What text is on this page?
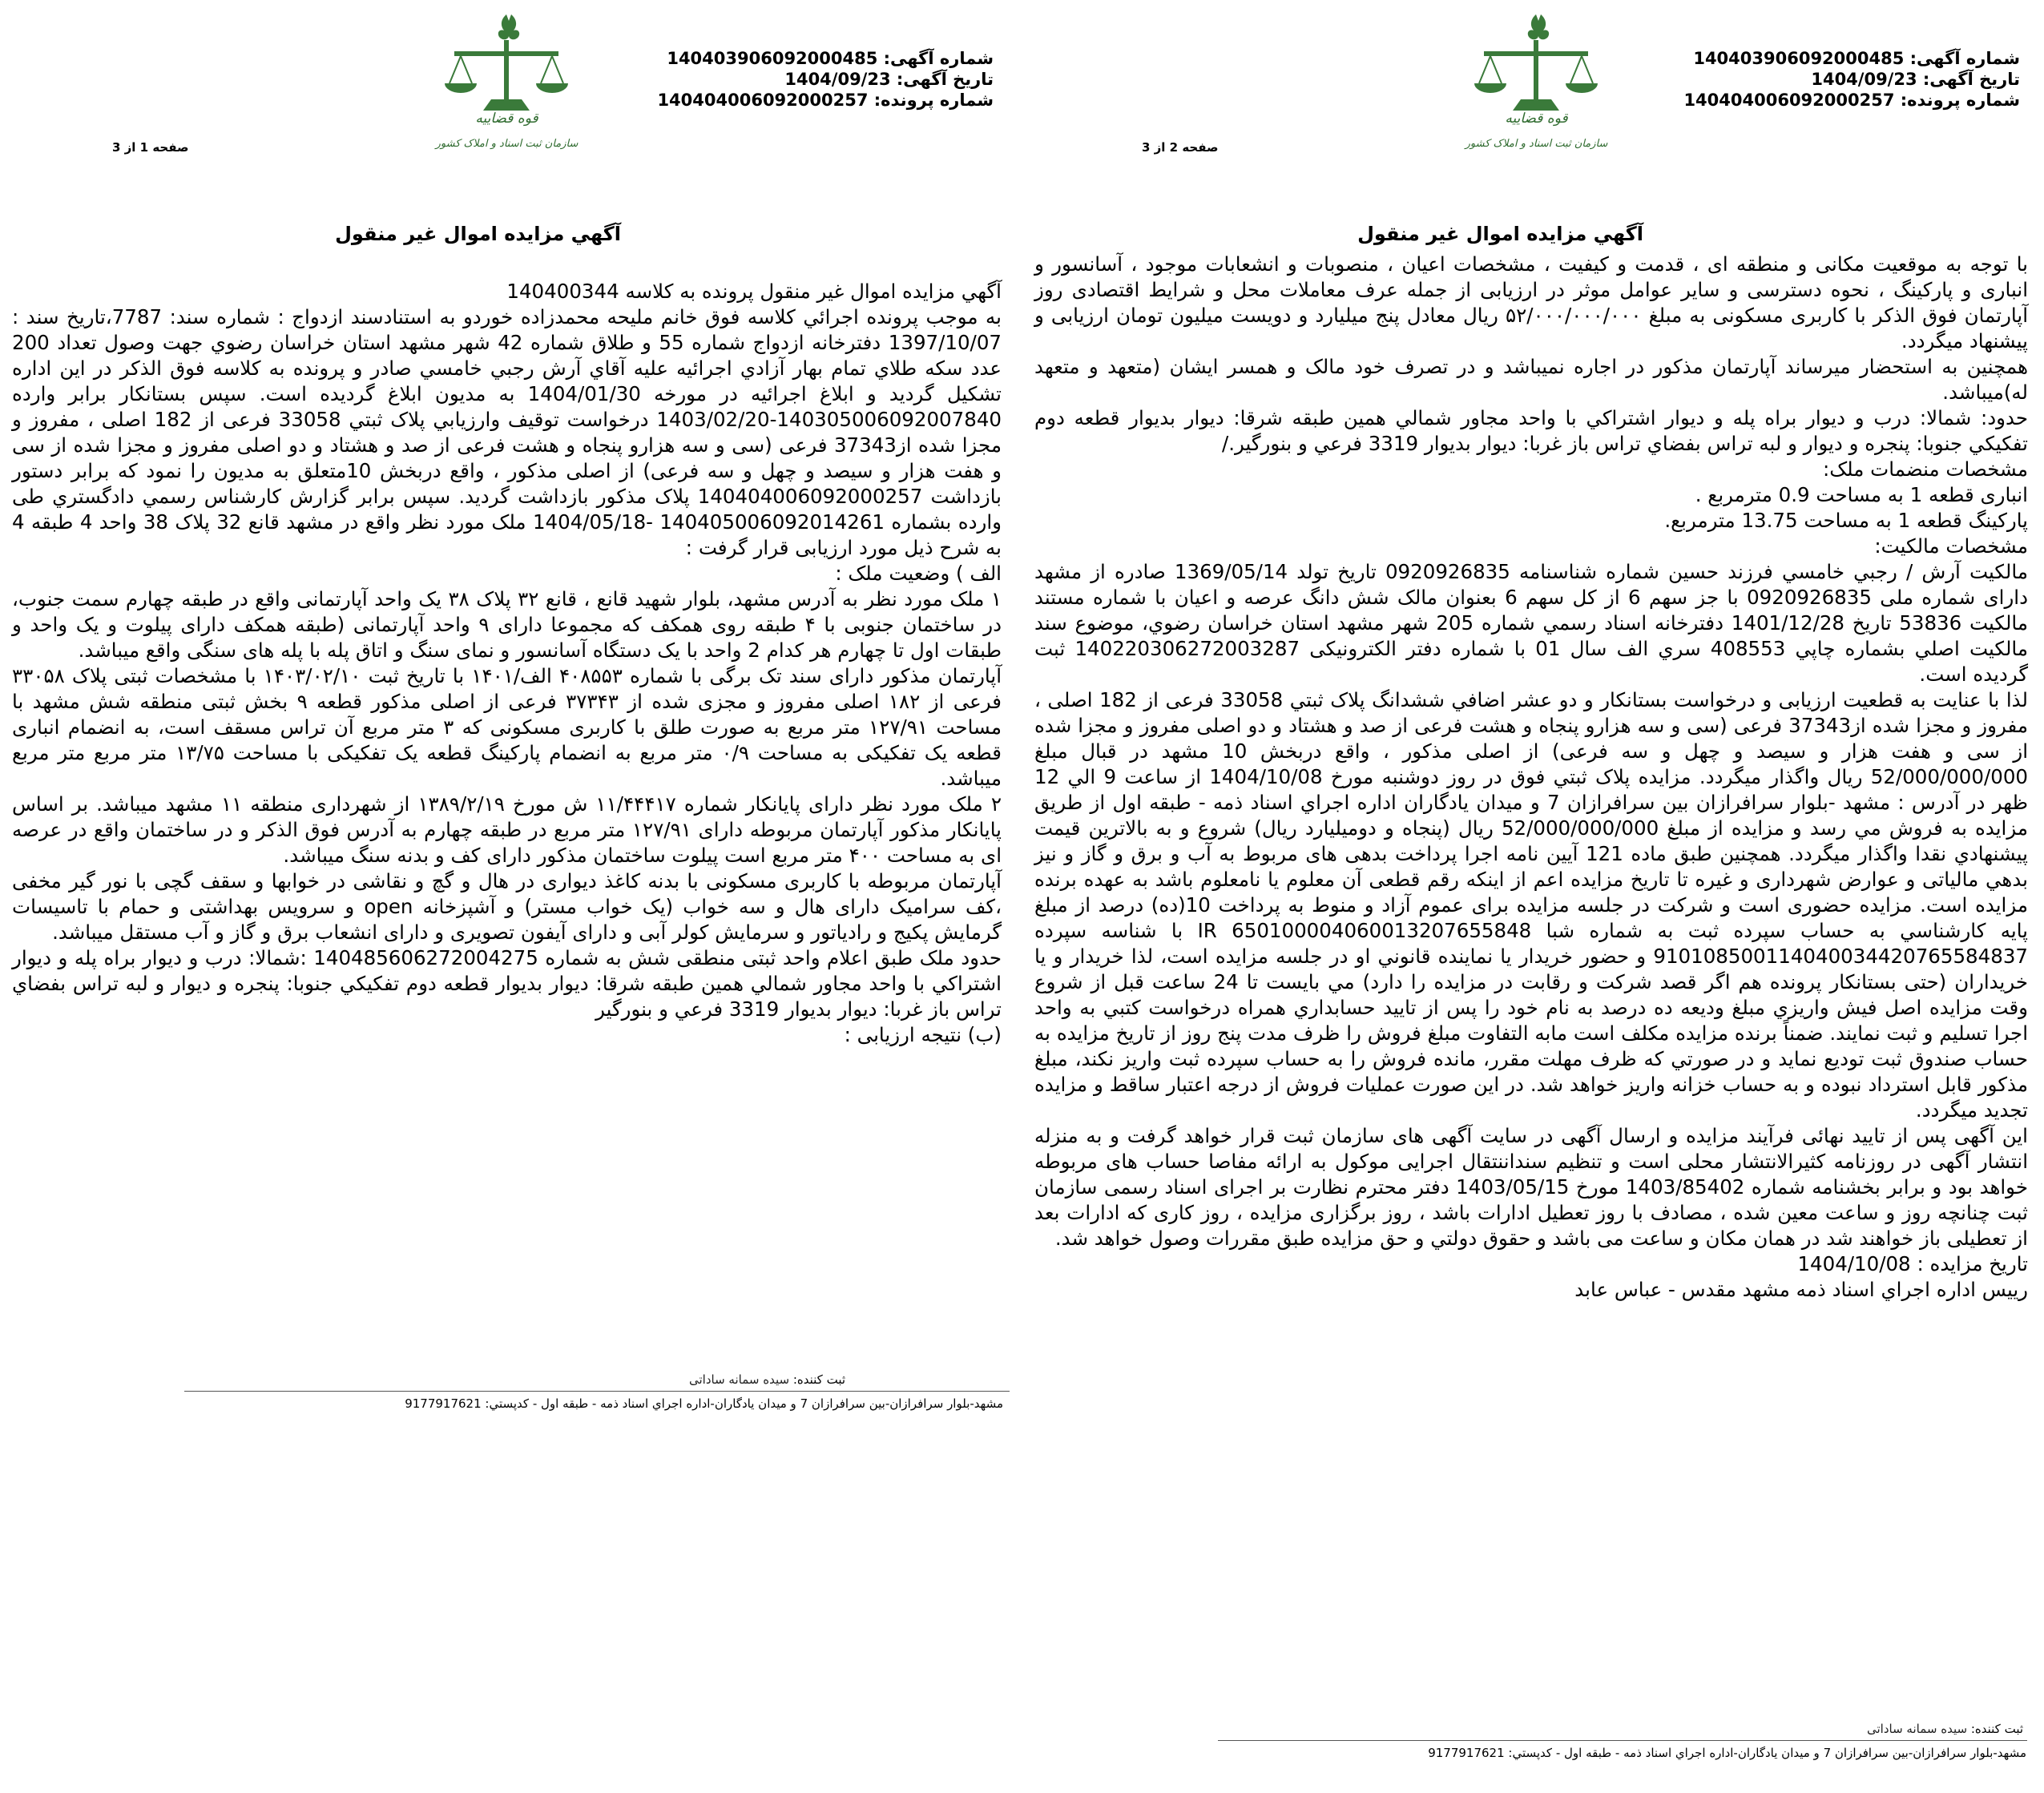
شماره آگهی: 140403906092000485
تاریخ آگهی: 1404/09/23
شماره پرونده: 140404006092000257
صفحه 1 از 3
قوه قضاییه
سازمان ثبت اسناد و املاک کشور
آگهي مزايده اموال غير منقول

آگهي مزايده اموال غير منقول پرونده به كلاسه 140400344

به موجب پرونده اجرائي كلاسه فوق خانم مليحه محمدزاده خوردو به استنادسند ازدواج : شماره سند: 7787،تاريخ سند : 1397/10/07 دفترخانه ازدواج شماره 55 و طلاق شماره 42 شهر مشهد استان خراسان رضوي جهت وصول تعداد 200 عدد سكه طلاي تمام بهار آزادي اجرائيه عليه آقاي آرش رجبي خامسي صادر و پرونده به كلاسه فوق الذكر در اين اداره تشكيل گرديد و ابلاغ اجرائيه در مورخه 1404/01/30 به مديون ابلاغ گرديده است. سپس بستانكار برابر وارده 140305006092007840-1403/02/20 درخواست توقيف وارزيابي پلاک ثبتي 33058 فرعی از 182 اصلی ، مفروز و مجزا شده از37343 فرعی (سی و سه هزارو پنجاه و هشت فرعی از صد و هشتاد و دو اصلی مفروز و مجزا شده از سی و هفت هزار و سیصد و چهل و سه فرعی) از اصلی مذکور ، واقع دربخش 10متعلق به مديون را نمود كه برابر دستور بازداشت 140404006092000257 پلاک مذكور بازداشت گرديد. سپس برابر گزارش كارشناس رسمي دادگستري طی وارده بشماره 140405006092014261 -1404/05/18 ملک مورد نظر واقع در مشهد قانع 32 پلاک 38 واحد 4 طبقه 4 به شرح ذيل مورد ارزيابی قرار گرفت :

الف ) وضعيت ملک :

۱ ملک مورد نظر به آدرس مشهد، بلوار شهید قانع ، قانع ۳۲ پلاک ۳۸ یک واحد آپارتمانی واقع در طبقه چهارم سمت جنوب، در ساختمان جنوبی با ۴ طبقه روی همکف که مجموعا دارای ۹ واحد آپارتمانی (طبقه همکف دارای پیلوت و یک واحد و طبقات اول تا چهارم هر کدام 2 واحد با یک دستگاه آسانسور و نمای سنگ و اتاق پله با پله های سنگی واقع میباشد.

آپارتمان مذکور دارای سند تک برگی با شماره ۴۰۸۵۵۳ الف/۱۴۰۱ با تاریخ ثبت ۱۴۰۳/۰۲/۱۰ با مشخصات ثبتی پلاک ۳۳۰۵۸ فرعی از ۱۸۲ اصلی مفروز و مجزی شده از ۳۷۳۴۳ فرعی از اصلی مذکور قطعه ۹ بخش ثبتی منطقه شش مشهد با مساحت ۱۲۷/۹۱ متر مربع به صورت طلق با کاربری مسکونی که ۳ متر مربع آن تراس مسقف است، به انضمام انباری قطعه یک تفکیکی به مساحت ۰/۹ متر مربع به انضمام پارکینگ قطعه یک تفکیکی با مساحت ۱۳/۷۵ متر مربع متر مربع میباشد.

۲ ملک مورد نظر دارای پایانکار شماره ۱۱/۴۴۴۱۷ ش مورخ ۱۳۸۹/۲/۱۹ از شهرداری منطقه ۱۱ مشهد میباشد. بر اساس پایانکار مذکور آپارتمان مربوطه دارای ۱۲۷/۹۱ متر مربع در طبقه چهارم به آدرس فوق الذکر و در ساختمان واقع در عرصه ای به مساحت ۴۰۰ متر مربع است پیلوت ساختمان مذکور دارای کف و بدنه سنگ میباشد.

آپارتمان مربوطه با کاربری مسکونی با بدنه کاغذ دیواری در هال و گچ و نقاشی در خوابها و سقف گچی با نور گیر مخفی ،کف سرامیک دارای هال و سه خواب (یک خواب مستر) و آشپزخانه open و سرویس بهداشتی و حمام با تاسیسات گرمایش پکیج و رادیاتور و سرمایش کولر آبی و دارای آیفون تصویری و دارای انشعاب برق و گاز و آب مستقل میباشد.

حدود ملک طبق اعلام واحد ثبتی منطقی شش به شماره 140485606272004275 :شمالا: درب و ديوار براه پله و ديوار اشتراکي با واحد مجاور شمالي همين طبقه شرقا: ديوار بديوار قطعه دوم تفکيکي جنوبا: پنجره و ديوار و لبه تراس بفضاي تراس باز غربا: ديوار بديوار 3319 فرعي و بنورگير

(ب) نتيجه ارزيابی :

ثبت کننده: سیده سمانه ساداتی
مشهد-بلوار سرافرازان-بين سرافرازان 7 و ميدان يادگاران-اداره اجراي اسناد ذمه - طبقه اول - کدپستي: 9177917621
شماره آگهی: 140403906092000485
تاریخ آگهی: 1404/09/23
شماره پرونده: 140404006092000257
صفحه 2 از 3
قوه قضاییه
سازمان ثبت اسناد و املاک کشور
آگهي مزايده اموال غير منقول

با توجه به موقعیت مکانی و منطقه ای ، قدمت و کیفیت ، مشخصات اعیان ، منصوبات و انشعابات موجود ، آسانسور و انباری و پارکینگ ، نحوه دسترسی و سایر عوامل موثر در ارزیابی از جمله عرف معاملات محل و شرایط اقتصادی روز آپارتمان فوق الذکر با کاربری مسکونی به مبلغ ۵۲/۰۰۰/۰۰۰/۰۰۰ ریال معادل پنج میلیارد و دویست میلیون تومان ارزیابی و پیشنهاد میگردد.

همچنین به استحضار میرساند آپارتمان مذکور در اجاره نمیباشد و در تصرف خود مالک و همسر ایشان (متعهد و متعهد له)میباشد.

حدود: شمالا: درب و ديوار براه پله و ديوار اشتراکي با واحد مجاور شمالي همين طبقه شرقا: ديوار بديوار قطعه دوم تفکيکي جنوبا: پنجره و ديوار و لبه تراس بفضاي تراس باز غربا: ديوار بديوار 3319 فرعي و بنورگير./

مشخصات منضمات ملک:

انباری قطعه 1 به مساحت 0.9 مترمربع .

پارکينگ قطعه 1 به مساحت 13.75 مترمربع.

مشخصات مالکيت:

مالکيت آرش / رجبي خامسي فرزند حسين شماره شناسنامه 0920926835 تاريخ تولد 1369/05/14 صادره از مشهد دارای شماره ملی 0920926835 با جز سهم 6 از کل سهم 6 بعنوان مالک شش دانگ عرصه و اعيان با شماره مستند مالکيت 53836 تاريخ 1401/12/28 دفترخانه اسناد رسمي شماره 205 شهر مشهد استان خراسان رضوي، موضوع سند مالکيت اصلي بشماره چاپي 408553 سري الف سال 01 با شماره دفتر الکترونيکی 140220306272003287 ثبت گرديده است.

لذا با عنايت به قطعيت ارزيابی و درخواست بستانكار و دو عشر اضافي ششدانگ پلاک ثبتي 33058 فرعی از 182 اصلی ، مفروز و مجزا شده از37343 فرعی (سی و سه هزارو پنجاه و هشت فرعی از صد و هشتاد و دو اصلی مفروز و مجزا شده از سی و هفت هزار و سیصد و چهل و سه فرعی) از اصلی مذکور ، واقع دربخش 10 مشهد در قبال مبلغ 52/000/000/000 ريال واگذار ميگردد. مزايده پلاک ثبتي فوق در روز دوشنبه مورخ 1404/10/08 از ساعت 9 الي 12 ظهر در آدرس : مشهد -بلوار سرافرازان بين سرافرازان 7 و ميدان يادگاران اداره اجراي اسناد ذمه - طبقه اول از طريق مزايده به فروش مي رسد و مزايده از مبلغ 52/000/000/000 ريال (پنجاه و دوميليارد ريال) شروع و به بالاترين قيمت پيشنهادي نقدا واگذار ميگردد. همچنين طبق ماده 121 آيين نامه اجرا پرداخت بدهی های مربوط به آب و برق و گاز و نيز بدهي مالياتی و عوارض شهرداری و غيره تا تاريخ مزايده اعم از اينكه رقم قطعی آن معلوم يا نامعلوم باشد به عهده برنده مزايده است. مزايده حضوری است و شرکت در جلسه مزايده برای عموم آزاد و منوط به پرداخت 10(ده) درصد از مبلغ پايه کارشناسي به حساب سپرده ثبت به شماره شبا IR 650100004060013207655848 با شناسه سپرده 910108500114040034420765584837 و حضور خريدار يا نماينده قانوني او در جلسه مزايده است، لذا خريدار و يا خريداران (حتی بستانكار پرونده هم اگر قصد شركت و رقابت در مزايده را دارد) مي بايست تا 24 ساعت قبل از شروع وقت مزايده اصل فيش واريزي مبلغ وديعه ده درصد به نام خود را پس از تاييد حسابداري همراه درخواست كتبي به واحد اجرا تسليم و ثبت نمايند. ضمناً برنده مزايده مكلف است مابه التفاوت مبلغ فروش را ظرف مدت پنج روز از تاريخ مزايده به حساب صندوق ثبت توديع نمايد و در صورتي كه ظرف مهلت مقرر، مانده فروش را به حساب سپرده ثبت واريز نكند، مبلغ مذكور قابل استرداد نبوده و به حساب خزانه واريز خواهد شد. در اين صورت عمليات فروش از درجه اعتبار ساقط و مزايده تجديد ميگردد.

اين آگهی پس از تاييد نهائی فرآيند مزايده و ارسال آگهی در سايت آگهی های سازمان ثبت قرار خواهد گرفت و به منزله انتشار آگهی در روزنامه كثيرالانتشار محلی است و تنظيم سنداننتقال اجرايی موکول به ارائه مفاصا حساب های مربوطه خواهد بود و برابر بخشنامه شماره 1403/85402 مورخ 1403/05/15 دفتر محترم نظارت بر اجرای اسناد رسمی سازمان ثبت چنانچه روز و ساعت معين شده ، مصادف با روز تعطيل ادارات باشد ، روز برگزاری مزايده ، روز كاری كه ادارات بعد از تعطيلی باز خواهند شد در همان مكان و ساعت می باشد و حقوق دولتي و حق مزايده طبق مقررات وصول خواهد شد.

تاريخ مزايده : 1404/10/08

رييس اداره اجراي اسناد ذمه مشهد مقدس - عباس عابد

ثبت کننده: سیده سمانه ساداتی
مشهد-بلوار سرافرازان-بين سرافرازان 7 و ميدان يادگاران-اداره اجراي اسناد ذمه - طبقه اول - کدپستي: 9177917621
